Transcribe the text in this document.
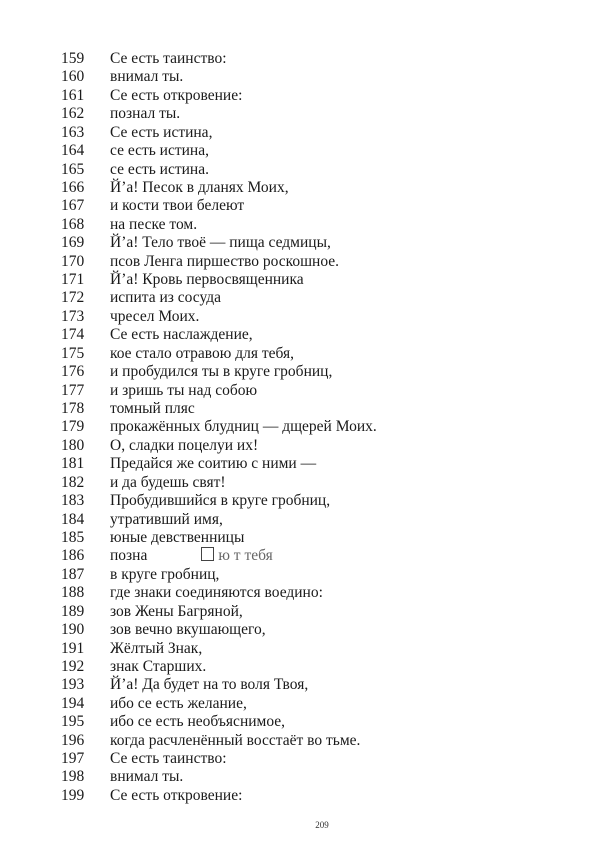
159 Се есть таинство:
160 внимал ты.
161 Се есть откровение:
162 познал ты.
163 Се есть истина,
164 се есть истина,
165 се есть истина.
166 Й’а! Песок в дланях Моих,
167 и кости твои белеют
168 на песке том.
169 Й’а! Тело твоё — пища седмицы,
170 псов Ленга пиршество роскошное.
171 Й’а! Кровь первосвященника
172 испита из сосуда
173 чресел Моих.
174 Се есть наслаждение,
175 кое стало отравою для тебя,
176 и пробудился ты в круге гробниц,
177 и зришь ты над собою
178 томный пляс
179 прокажённых блудниц — дщерей Моих.
180 О, сладки поцелуи их!
181 Предайся же соитию с ними —
182 и да будешь свят!
183 Пробудившийся в круге гробниц,
184 утративший имя,
185 юные девственницы
186 позна	ю т тебя
187 в круге гробниц,
188 где знаки соединяются воедино:
189 зов Жены Багряной,
190 зов вечно вкушающего,
191 Жёлтый Знак,
192 знак Старших.
193 Й’а! Да будет на то воля Твоя,
194 ибо се есть желание,
195 ибо се есть необъяснимое,
196 когда расчленённый восстаёт во тьме.
197 Се есть таинство:
198 внимал ты.
199 Се есть откровение:
209
